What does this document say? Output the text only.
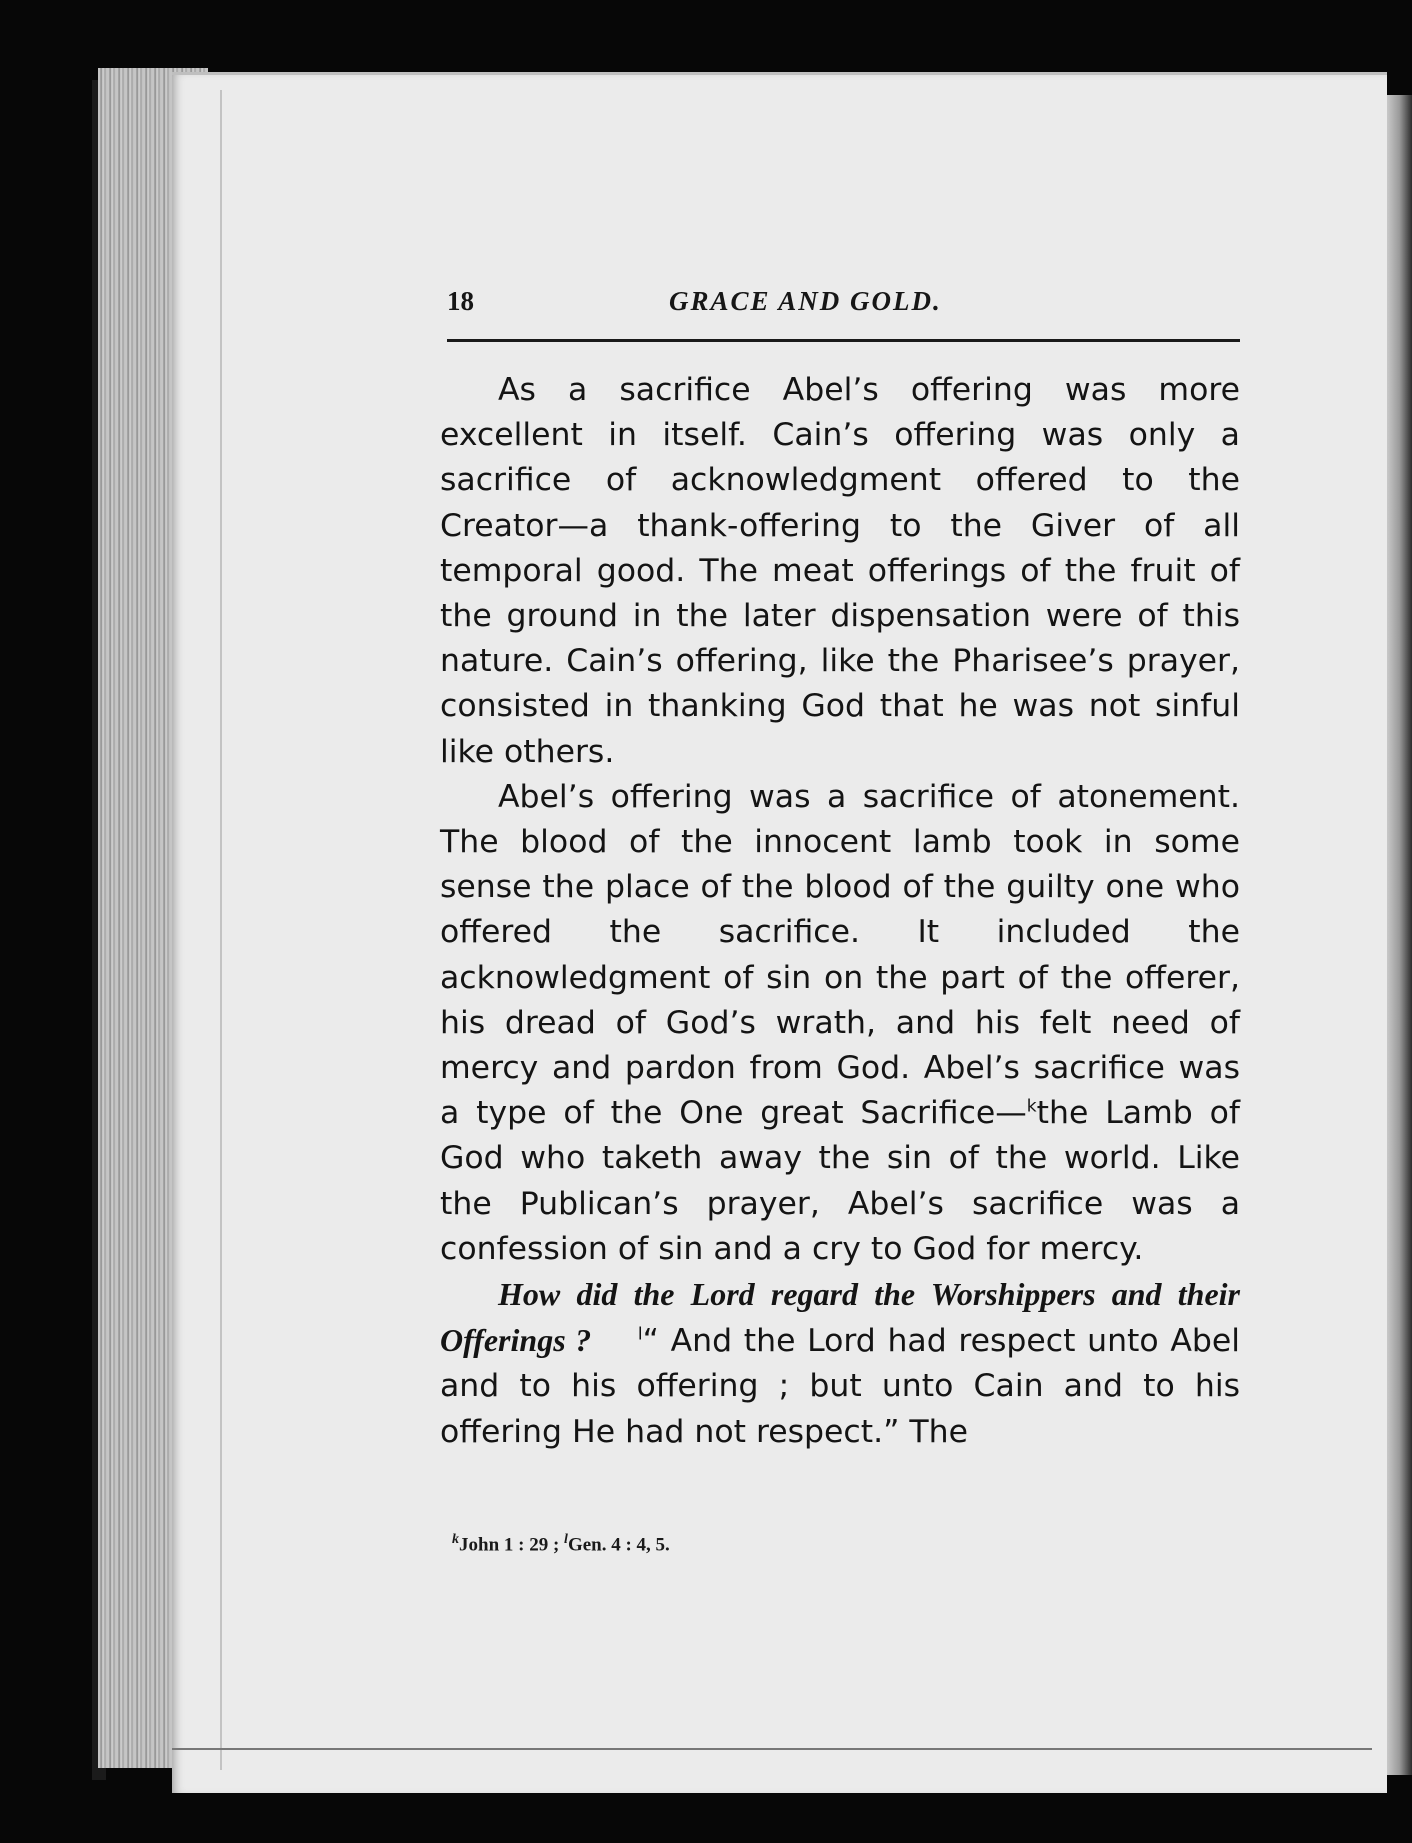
18	GRACE AND GOLD.

As a sacrifice Abel’s offering was more excellent in itself. Cain’s offering was only a sacrifice of acknowledgment offered to the Creator—a thank-offering to the Giver of all temporal good. The meat offerings of the fruit of the ground in the later dispensation were of this nature. Cain’s offering, like the Pharisee’s prayer, consisted in thanking God that he was not sinful like others.

Abel’s offering was a sacrifice of atonement. The blood of the innocent lamb took in some sense the place of the blood of the guilty one who offered the sacrifice. It included the acknowledgment of sin on the part of the offerer, his dread of God’s wrath, and his felt need of mercy and pardon from God. Abel’s sacrifice was a type of the One great Sacrifice—$^k$the Lamb of God who taketh away the sin of the world. Like the Publican’s prayer, Abel’s sacrifice was a confession of sin and a cry to God for mercy.

How did the Lord regard the Worshippers and their Offerings ?	$^l$“ And the Lord had respect unto Abel and to his offering ; but unto Cain and to his offering He had not respect.” The

$^k$John 1 : 29 ; $^l$Gen. 4 : 4, 5.
